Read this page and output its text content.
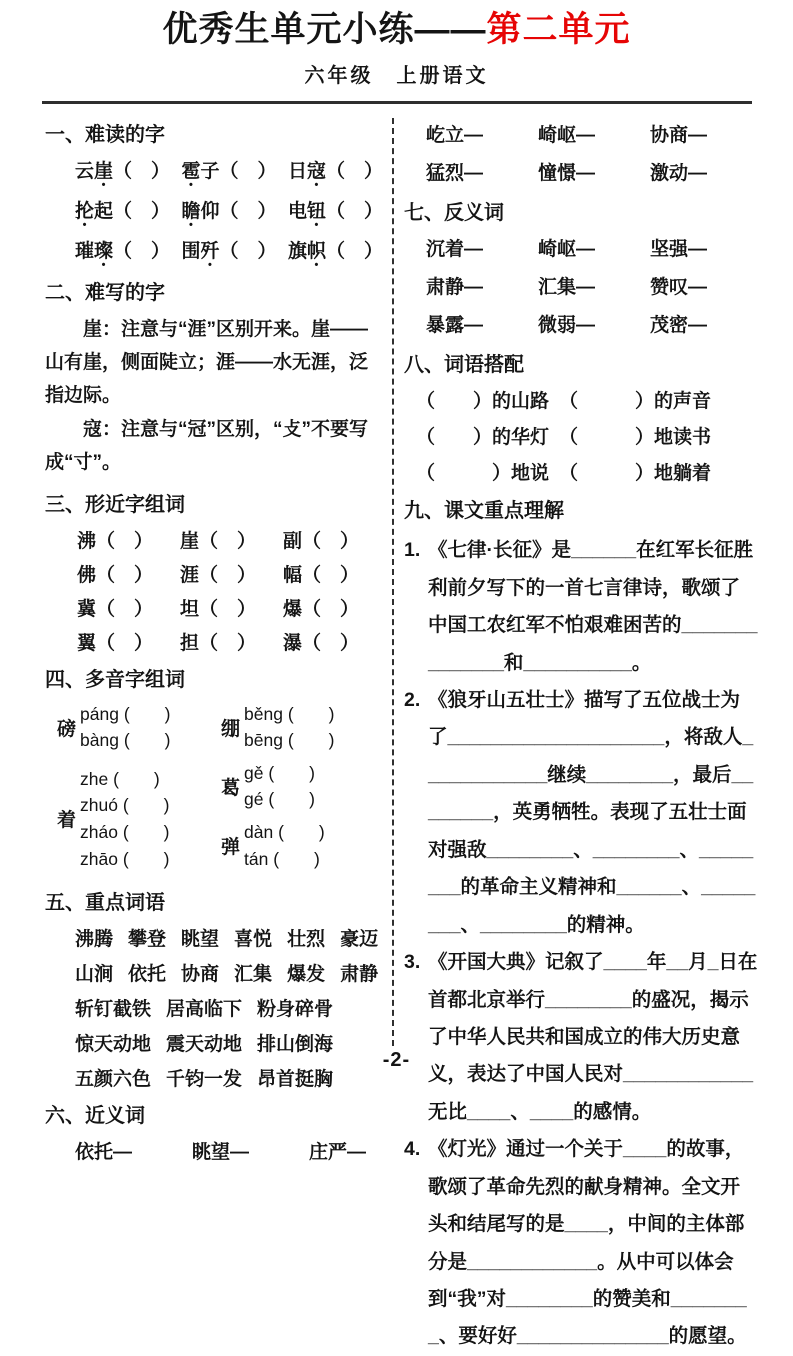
优秀生单元小练——第二单元
六年级　上册语文
一、难读的字
云崖（　） 雹子（　） 日寇（　）
抡起（　） 瞻仰（　） 电钮（　）
璀璨（　） 围歼（　） 旗帜（　）
二、难写的字

崖：注意与“涯”区别开来。崖——山有崖，侧面陡立；涯——水无涯，泛指边际。

寇：注意与“冠”区别，“攴”不要写成“寸”。

三、形近字组词
沸（　）	崖（　）	副（　）
佛（　）	涯（　）	幅（　）
冀（　）	坦（　）	爆（　）
翼（　）	担（　）	瀑（　）
四、多音字组词
磅
páng (　　)
bàng (　　)
着
zhe (　　)
zhuó (　　)
zháo (　　)
zhāo (　　)
绷
běng (　　)
bēng (　　)
葛
gě (　　)
gé (　　)
弹
dàn (　　)
tán (　　)
五、重点词语
沸腾 攀登 眺望 喜悦 壮烈 豪迈
山涧 依托 协商 汇集 爆发 肃静
斩钉截铁 居高临下 粉身碎骨
惊天动地 震天动地 排山倒海
五颜六色 千钧一发 昂首挺胸
六、近义词
依托—	眺望—	庄严—
屹立—	崎岖—	协商—
猛烈—	憧憬—	激动—
七、反义词
沉着—	崎岖—	坚强—
肃静—	汇集—	赞叹—
暴露—	微弱—	茂密—
八、词语搭配
（　　）的山路 （　　　）的声音
（　　）的华灯 （　　　）地读书
（　　　）地说 （　　　）地躺着
九、课文重点理解
1. 《七律·长征》是______在红军长征胜利前夕写下的一首七言律诗，歌颂了中国工农红军不怕艰难困苦的______________和__________。
2. 《狼牙山五壮士》描写了五位战士为了____________________，将敌人____________继续________，最后________，英勇牺牲。表现了五壮士面对强敌________、________、________的革命主义精神和______、________、________的精神。
3. 《开国大典》记叙了____年__月_日在首都北京举行________的盛况，揭示了中华人民共和国成立的伟大历史意义，表达了中国人民对____________无比____、____的感情。
4. 《灯光》通过一个关于____的故事，歌颂了革命先烈的献身精神。全文开头和结尾写的是____，中间的主体部分是____________。从中可以体会到“我”对________的赞美和________、要好好______________的愿望。
-2-
